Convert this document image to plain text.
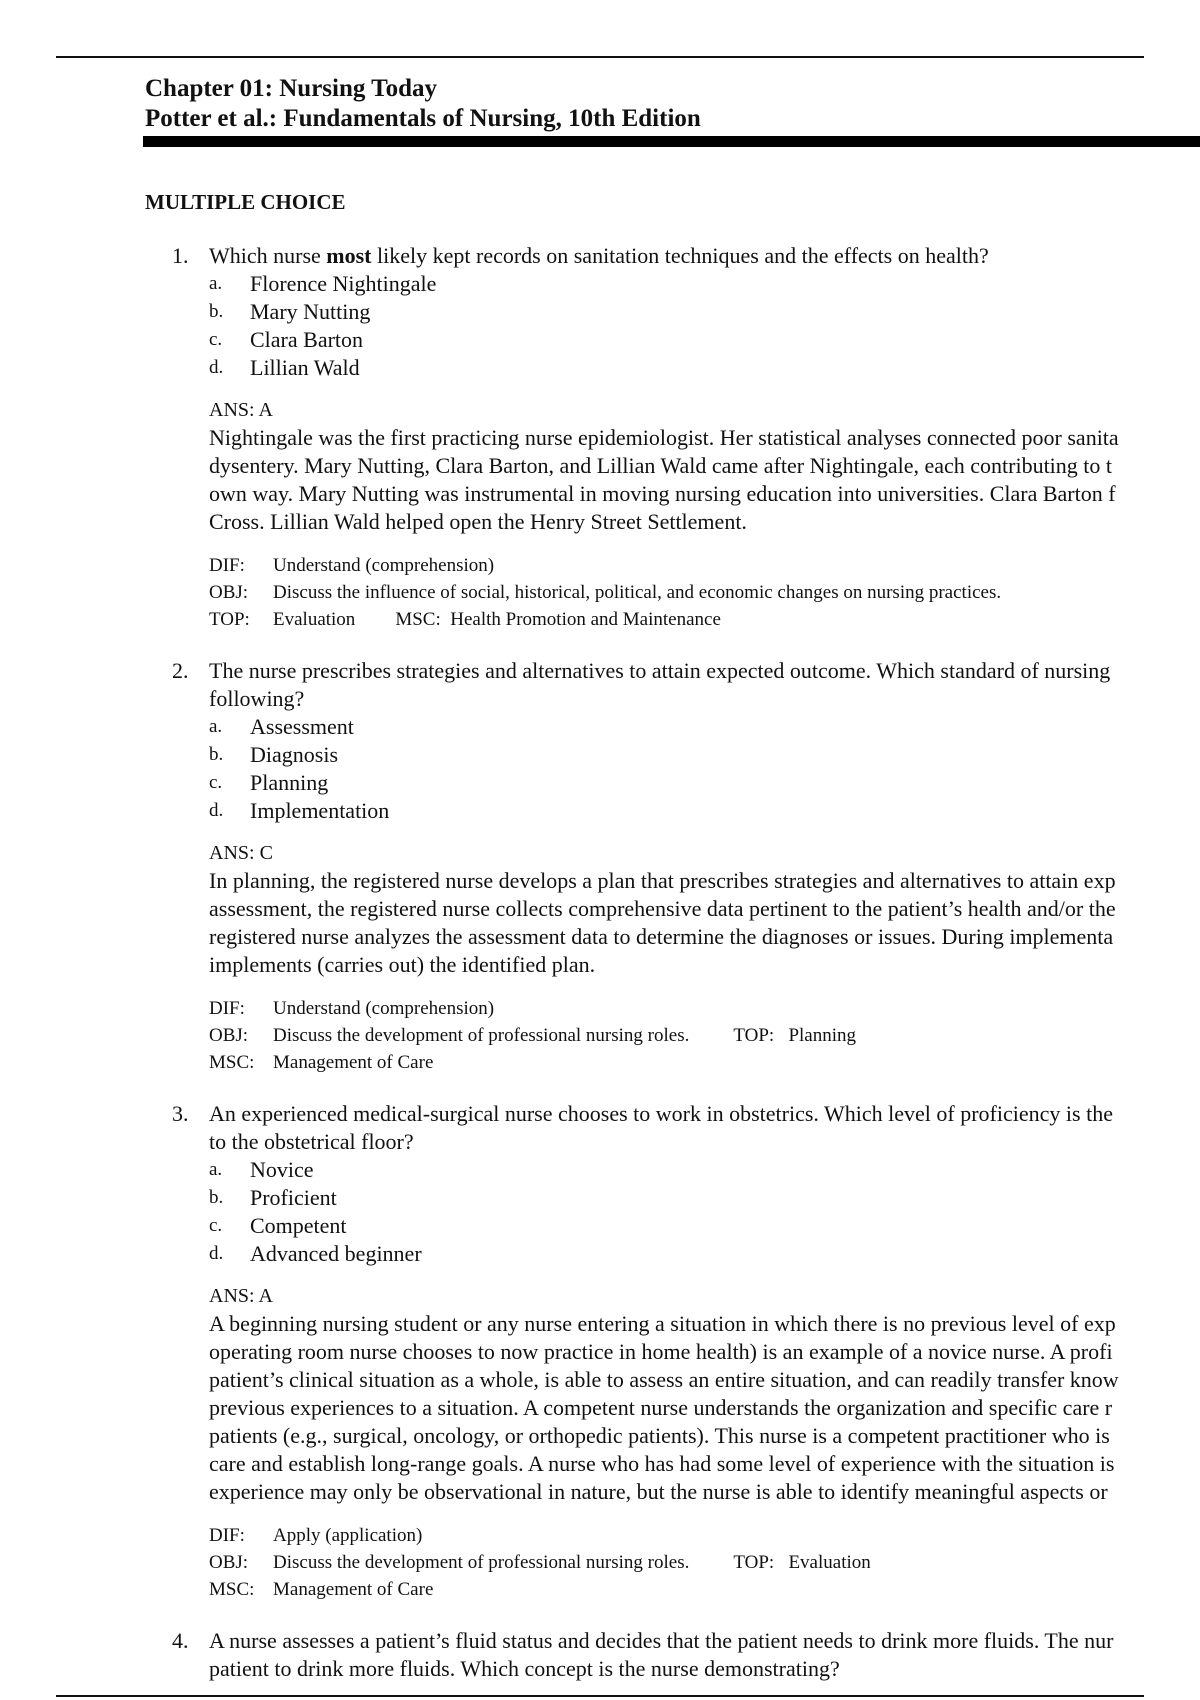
Chapter 01: Nursing Today
Potter et al.: Fundamentals of Nursing, 10th Edition
MULTIPLE CHOICE
1. Which nurse most likely kept records on sanitation techniques and the effects on health?
a. Florence Nightingale
b. Mary Nutting
c. Clara Barton
d. Lillian Wald
ANS: A
Nightingale was the first practicing nurse epidemiologist. Her statistical analyses connected poor sanita
dysentery. Mary Nutting, Clara Barton, and Lillian Wald came after Nightingale, each contributing to t
own way. Mary Nutting was instrumental in moving nursing education into universities. Clara Barton f
Cross. Lillian Wald helped open the Henry Street Settlement.
DIF: Understand (comprehension)
OBJ: Discuss the influence of social, historical, political, and economic changes on nursing practices.
TOP: Evaluation MSC: Health Promotion and Maintenance
2. The nurse prescribes strategies and alternatives to attain expected outcome. Which standard of nursing
following?
a. Assessment
b. Diagnosis
c. Planning
d. Implementation
ANS: C
In planning, the registered nurse develops a plan that prescribes strategies and alternatives to attain exp
assessment, the registered nurse collects comprehensive data pertinent to the patient’s health and/or the
registered nurse analyzes the assessment data to determine the diagnoses or issues. During implementa
implements (carries out) the identified plan.
DIF: Understand (comprehension)
OBJ: Discuss the development of professional nursing roles. TOP: Planning
MSC: Management of Care
3. An experienced medical-surgical nurse chooses to work in obstetrics. Which level of proficiency is the
to the obstetrical floor?
a. Novice
b. Proficient
c. Competent
d. Advanced beginner
ANS: A
A beginning nursing student or any nurse entering a situation in which there is no previous level of exp
operating room nurse chooses to now practice in home health) is an example of a novice nurse. A profi
patient’s clinical situation as a whole, is able to assess an entire situation, and can readily transfer know
previous experiences to a situation. A competent nurse understands the organization and specific care r
patients (e.g., surgical, oncology, or orthopedic patients). This nurse is a competent practitioner who is
care and establish long-range goals. A nurse who has had some level of experience with the situation is
experience may only be observational in nature, but the nurse is able to identify meaningful aspects or
DIF: Apply (application)
OBJ: Discuss the development of professional nursing roles. TOP: Evaluation
MSC: Management of Care
4. A nurse assesses a patient’s fluid status and decides that the patient needs to drink more fluids. The nur
patient to drink more fluids. Which concept is the nurse demonstrating?
